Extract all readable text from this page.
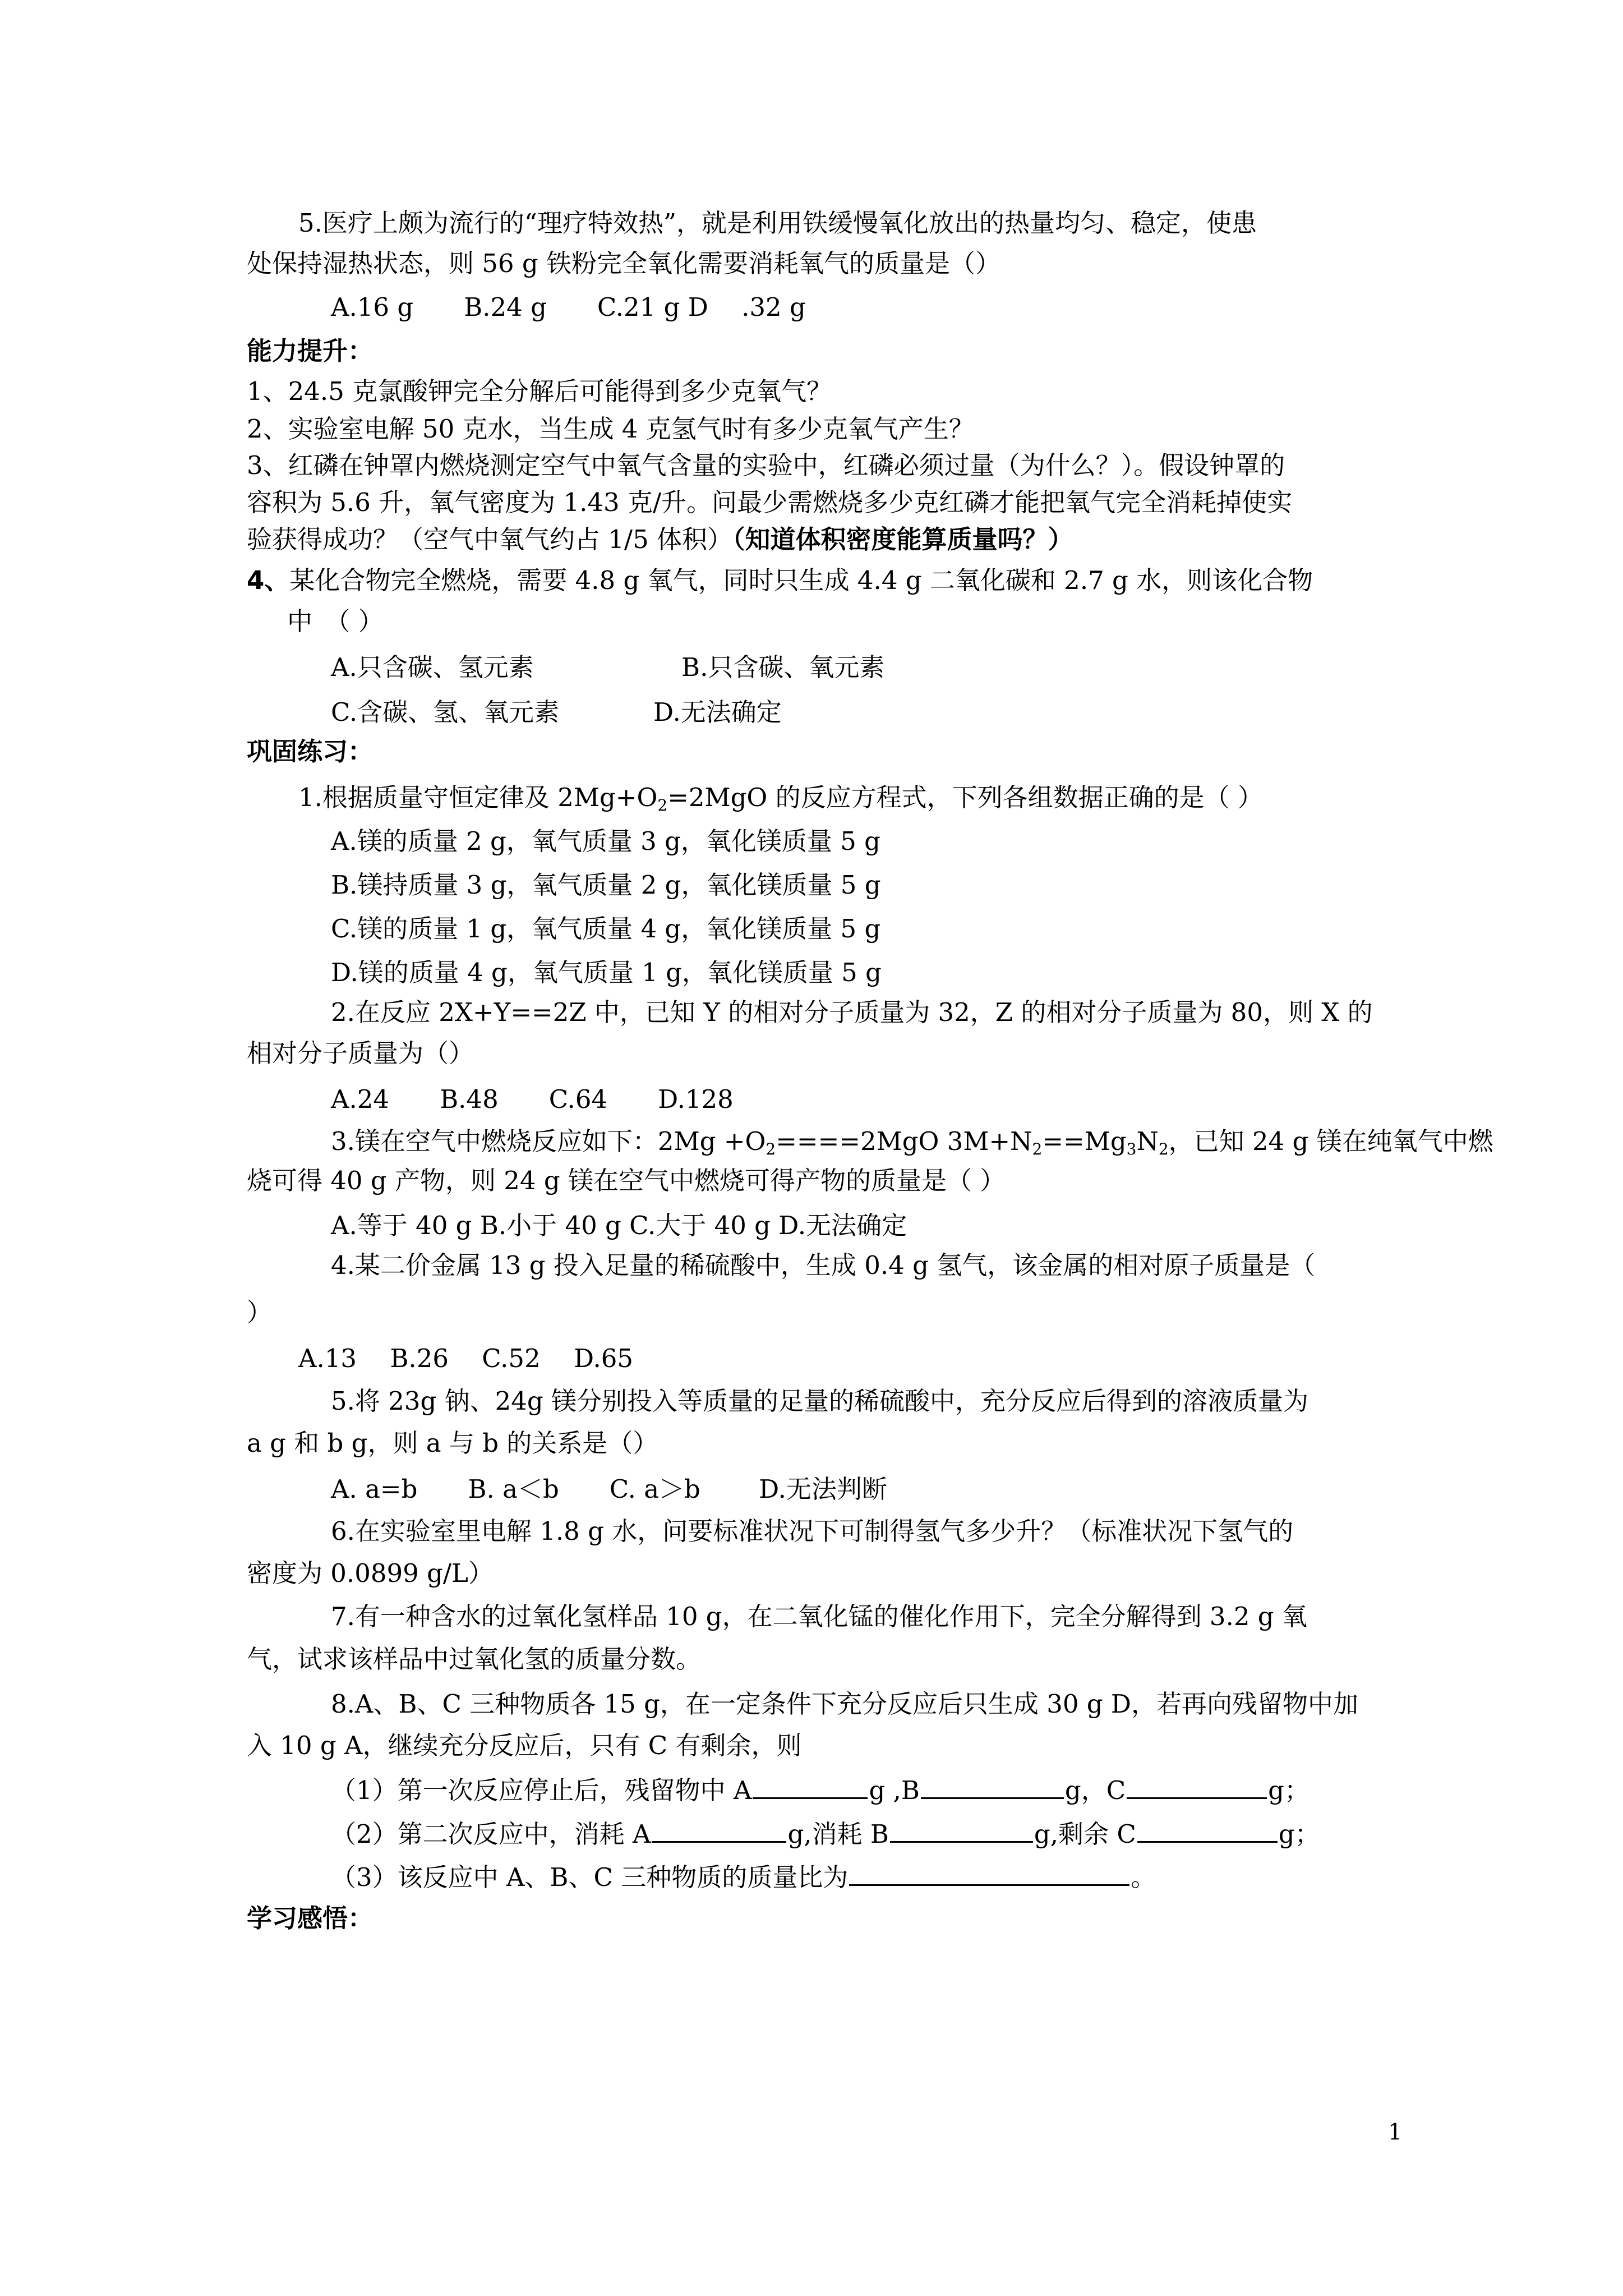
5.医疗上颇为流行的“理疗特效热”，就是利用铁缓慢氧化放出的热量均匀、稳定，使患
处保持湿热状态，则 56 g 铁粉完全氧化需要消耗氧气的质量是（）
A.16 g　　B.24 g　　C.21 g D　 .32 g
能力提升：
1、24.5 克氯酸钾完全分解后可能得到多少克氧气？
2、实验室电解 50 克水，当生成 4 克氢气时有多少克氧气产生？
3、红磷在钟罩内燃烧测定空气中氧气含量的实验中，红磷必须过量（为什么？）。假设钟罩的
容积为 5.6 升，氧气密度为 1.43 克/升。问最少需燃烧多少克红磷才能把氧气完全消耗掉使实
验获得成功？（空气中氧气约占 1/5 体积）（知道体积密度能算质量吗？）
4、某化合物完全燃烧，需要 4.8 g 氧气，同时只生成 4.4 g 二氧化碳和 2.7 g 水，则该化合物
中　（ ）
A.只含碳、氢元素	B.只含碳、氧元素
C.含碳、氢、氧元素	D.无法确定
巩固练习：
1.根据质量守恒定律及 $2Mg+O_2=2MgO$ 的反应方程式，下列各组数据正确的是（ ）
A.镁的质量 2 g，氧气质量 3 g，氧化镁质量 5 g
B.镁持质量 3 g，氧气质量 2 g，氧化镁质量 5 g
C.镁的质量 1 g，氧气质量 4 g，氧化镁质量 5 g
D.镁的质量 4 g，氧气质量 1 g，氧化镁质量 5 g
2.在反应 2X+Y==2Z 中，已知 Y 的相对分子质量为 32，Z 的相对分子质量为 80，则 X 的
相对分子质量为（）
A.24　　B.48　　C.64　　D.128
3.镁在空气中燃烧反应如下：$2Mg +O_2====2MgO$ $3M+N_2==Mg_3N_2$，已知 24 g 镁在纯氧气中燃
烧可得 40 g 产物，则 24 g 镁在空气中燃烧可得产物的质量是（ ）
A.等于 40 g B.小于 40 g C.大于 40 g D.无法确定
4.某二价金属 13 g 投入足量的稀硫酸中，生成 0.4 g 氢气，该金属的相对原子质量是（
）
A.13　 B.26　 C.52　 D.65
5.将 23g 钠、24g 镁分别投入等质量的足量的稀硫酸中，充分反应后得到的溶液质量为
a g 和 b g，则 a 与 b 的关系是（）
A. a=b　　B. a＜b　　C. a＞b　　 D.无法判断
6.在实验室里电解 1.8 g 水，问要标准状况下可制得氢气多少升？（标准状况下氢气的
密度为 0.0899 g/L）
7.有一种含水的过氧化氢样品 10 g，在二氧化锰的催化作用下，完全分解得到 3.2 g 氧
气，试求该样品中过氧化氢的质量分数。
8.A、B、C 三种物质各 15 g，在一定条件下充分反应后只生成 30 g D，若再向残留物中加
入 10 g A，继续充分反应后，只有 C 有剩余，则
（1）第一次反应停止后，残留物中 A	g ,B	g，C	g；
（2）第二次反应中，消耗 A	g,消耗 B	g,剩余 C	g；
（3）该反应中 A、B、C 三种物质的质量比为	。
学习感悟：
1
